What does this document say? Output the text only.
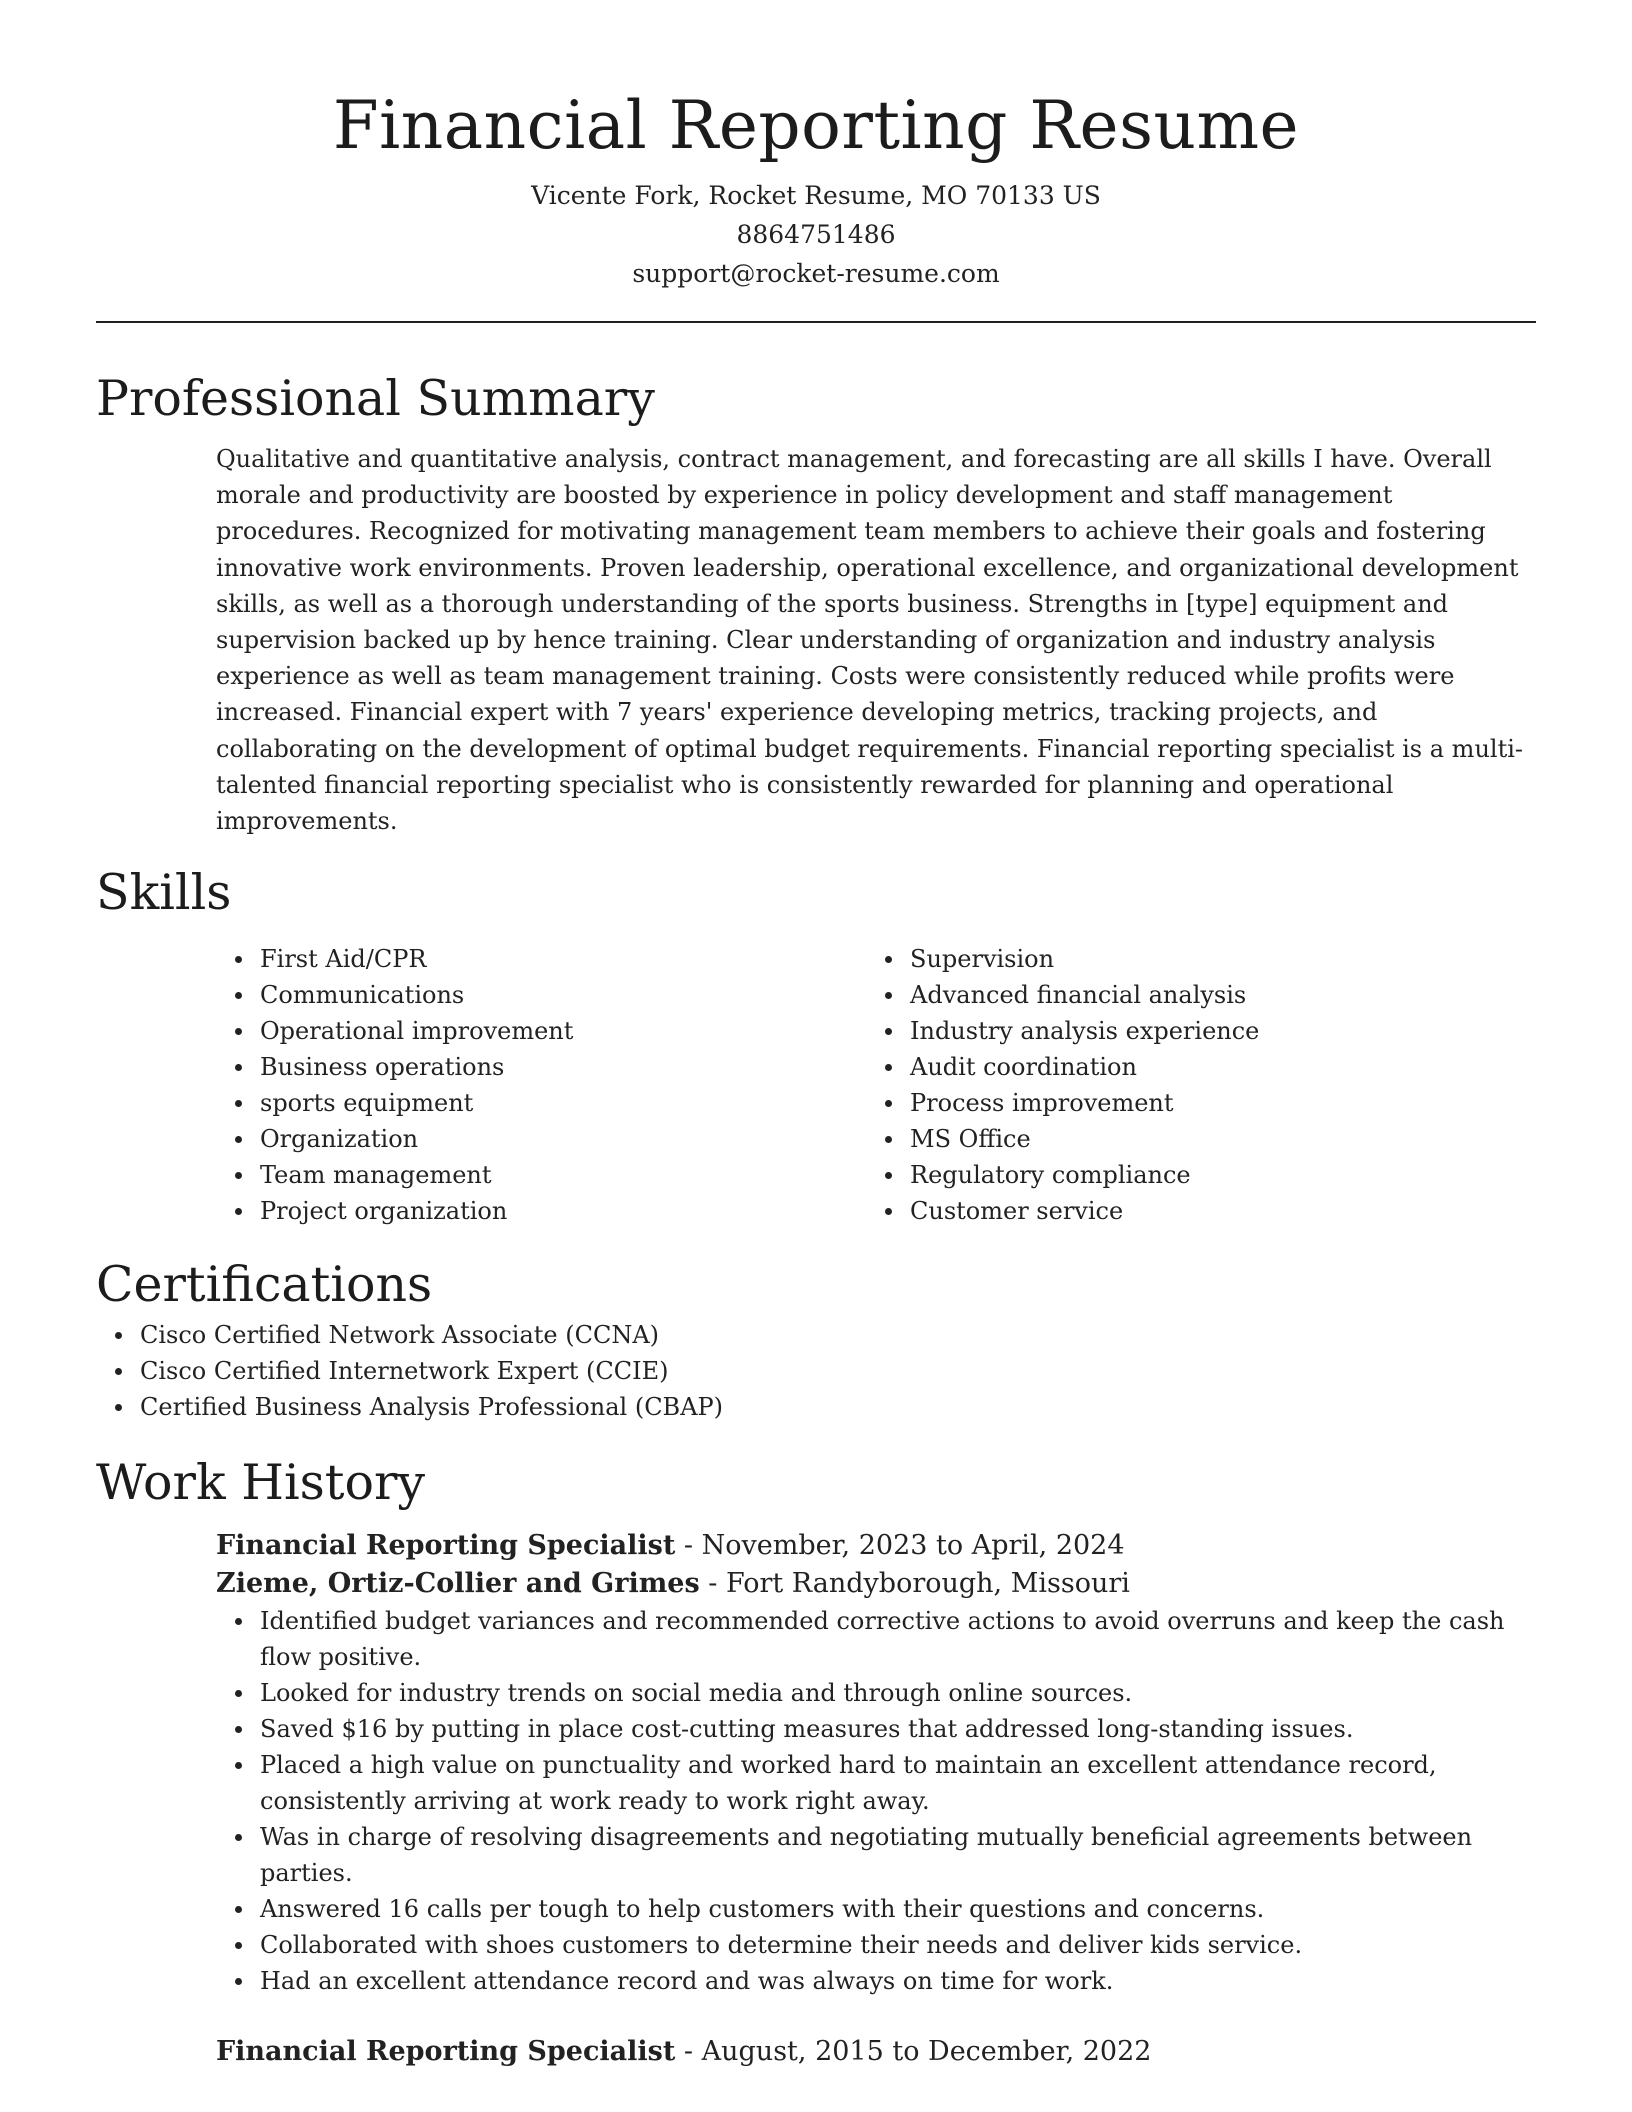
Financial Reporting Resume
Vicente Fork, Rocket Resume, MO 70133 US
8864751486
support@rocket-resume.com
Professional Summary

Qualitative and quantitative analysis, contract management, and forecasting are all skills I have. Overall morale and productivity are boosted by experience in policy development and staff management procedures. Recognized for motivating management team members to achieve their goals and fostering innovative work environments. Proven leadership, operational excellence, and organizational development skills, as well as a thorough understanding of the sports business. Strengths in [type] equipment and supervision backed up by hence training. Clear understanding of organization and industry analysis experience as well as team management training. Costs were consistently reduced while profits were increased. Financial expert with 7 years' experience developing metrics, tracking projects, and collaborating on the development of optimal budget requirements. Financial reporting specialist is a multi-talented financial reporting specialist who is consistently rewarded for planning and operational improvements.

Skills
First Aid/CPR
Communications
Operational improvement
Business operations
sports equipment
Organization
Team management
Project organization
Supervision
Advanced financial analysis
Industry analysis experience
Audit coordination
Process improvement
MS Office
Regulatory compliance
Customer service
Certifications
Cisco Certified Network Associate (CCNA)
Cisco Certified Internetwork Expert (CCIE)
Certified Business Analysis Professional (CBAP)
Work History
Financial Reporting Specialist - November, 2023 to April, 2024
Zieme, Ortiz-Collier and Grimes - Fort Randyborough, Missouri
Identified budget variances and recommended corrective actions to avoid overruns and keep the cash flow positive.
Looked for industry trends on social media and through online sources.
Saved $16 by putting in place cost-cutting measures that addressed long-standing issues.
Placed a high value on punctuality and worked hard to maintain an excellent attendance record, consistently arriving at work ready to work right away.
Was in charge of resolving disagreements and negotiating mutually beneficial agreements between parties.
Answered 16 calls per tough to help customers with their questions and concerns.
Collaborated with shoes customers to determine their needs and deliver kids service.
Had an excellent attendance record and was always on time for work.
Financial Reporting Specialist - August, 2015 to December, 2022
